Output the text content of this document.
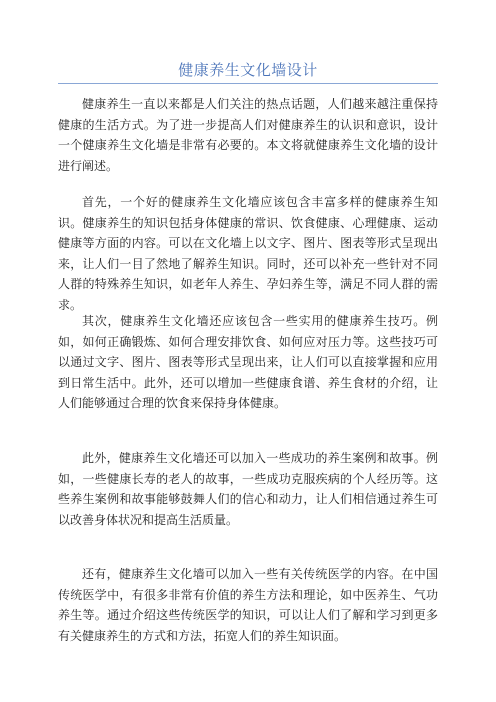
健康养生文化墙设计

健康养生一直以来都是人们关注的热点话题，人们越来越注重保持健康的生活方式。为了进一步提高人们对健康养生的认识和意识，设计一个健康养生文化墙是非常有必要的。本文将就健康养生文化墙的设计进行阐述。

首先，一个好的健康养生文化墙应该包含丰富多样的健康养生知识。健康养生的知识包括身体健康的常识、饮食健康、心理健康、运动健康等方面的内容。可以在文化墙上以文字、图片、图表等形式呈现出来，让人们一目了然地了解养生知识。同时，还可以补充一些针对不同人群的特殊养生知识，如老年人养生、孕妇养生等，满足不同人群的需求。

其次，健康养生文化墙还应该包含一些实用的健康养生技巧。例如，如何正确锻炼、如何合理安排饮食、如何应对压力等。这些技巧可以通过文字、图片、图表等形式呈现出来，让人们可以直接掌握和应用到日常生活中。此外，还可以增加一些健康食谱、养生食材的介绍，让人们能够通过合理的饮食来保持身体健康。

此外，健康养生文化墙还可以加入一些成功的养生案例和故事。例如，一些健康长寿的老人的故事，一些成功克服疾病的个人经历等。这些养生案例和故事能够鼓舞人们的信心和动力，让人们相信通过养生可以改善身体状况和提高生活质量。

还有，健康养生文化墙可以加入一些有关传统医学的内容。在中国传统医学中，有很多非常有价值的养生方法和理论，如中医养生、气功养生等。通过介绍这些传统医学的知识，可以让人们了解和学习到更多有关健康养生的方式和方法，拓宽人们的养生知识面。
